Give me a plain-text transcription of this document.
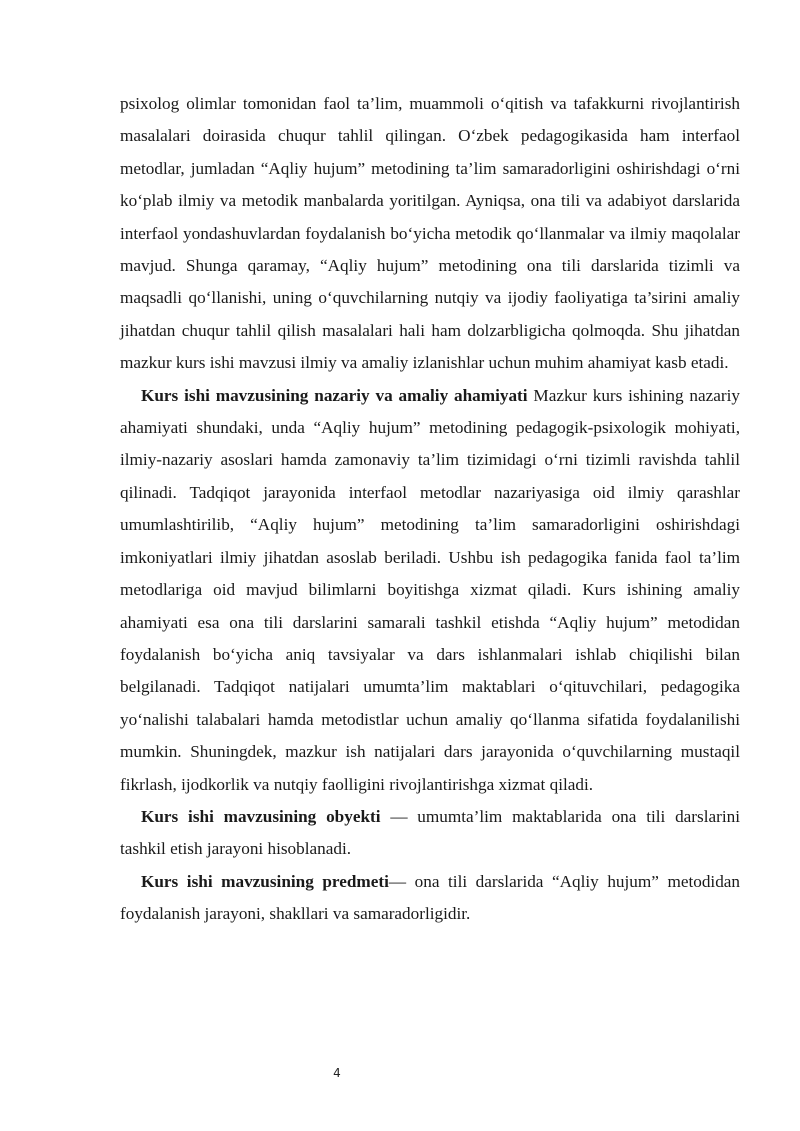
psixolog olimlar tomonidan faol ta’lim, muammoli o‘qitish va tafakkurni rivojlantirish masalalari doirasida chuqur tahlil qilingan. O‘zbek pedagogikasida ham interfaol metodlar, jumladan “Aqliy hujum” metodining ta’lim samaradorligini oshirishdagi o‘rni ko‘plab ilmiy va metodik manbalarda yoritilgan. Ayniqsa, ona tili va adabiyot darslarida interfaol yondashuvlardan foydalanish bo‘yicha metodik qo‘llanmalar va ilmiy maqolalar mavjud. Shunga qaramay, “Aqliy hujum” metodining ona tili darslarida tizimli va maqsadli qo‘llanishi, uning o‘quvchilarning nutqiy va ijodiy faoliyatiga ta’sirini amaliy jihatdan chuqur tahlil qilish masalalari hali ham dolzarbligicha qolmoqda. Shu jihatdan mazkur kurs ishi mavzusi ilmiy va amaliy izlanishlar uchun muhim ahamiyat kasb etadi.

Kurs ishi mavzusining nazariy va amaliy ahamiyati Mazkur kurs ishining nazariy ahamiyati shundaki, unda “Aqliy hujum” metodining pedagogik-psixologik mohiyati, ilmiy-nazariy asoslari hamda zamonaviy ta’lim tizimidagi o‘rni tizimli ravishda tahlil qilinadi. Tadqiqot jarayonida interfaol metodlar nazariyasiga oid ilmiy qarashlar umumlashtirilib, “Aqliy hujum” metodining ta’lim samaradorligini oshirishdagi imkoniyatlari ilmiy jihatdan asoslab beriladi. Ushbu ish pedagogika fanida faol ta’lim metodlariga oid mavjud bilimlarni boyitishga xizmat qiladi. Kurs ishining amaliy ahamiyati esa ona tili darslarini samarali tashkil etishda “Aqliy hujum” metodidan foydalanish bo‘yicha aniq tavsiyalar va dars ishlanmalari ishlab chiqilishi bilan belgilanadi. Tadqiqot natijalari umumta’lim maktablari o‘qituvchilari, pedagogika yo‘nalishi talabalari hamda metodistlar uchun amaliy qo‘llanma sifatida foydalanilishi mumkin. Shuningdek, mazkur ish natijalari dars jarayonida o‘quvchilarning mustaqil fikrlash, ijodkorlik va nutqiy faolligini rivojlantirishga xizmat qiladi.

Kurs ishi mavzusining obyekti — umumta’lim maktablarida ona tili darslarini tashkil etish jarayoni hisoblanadi.

Kurs ishi mavzusining predmeti— ona tili darslarida “Aqliy hujum” metodidan foydalanish jarayoni, shakllari va samaradorligidir.

4
